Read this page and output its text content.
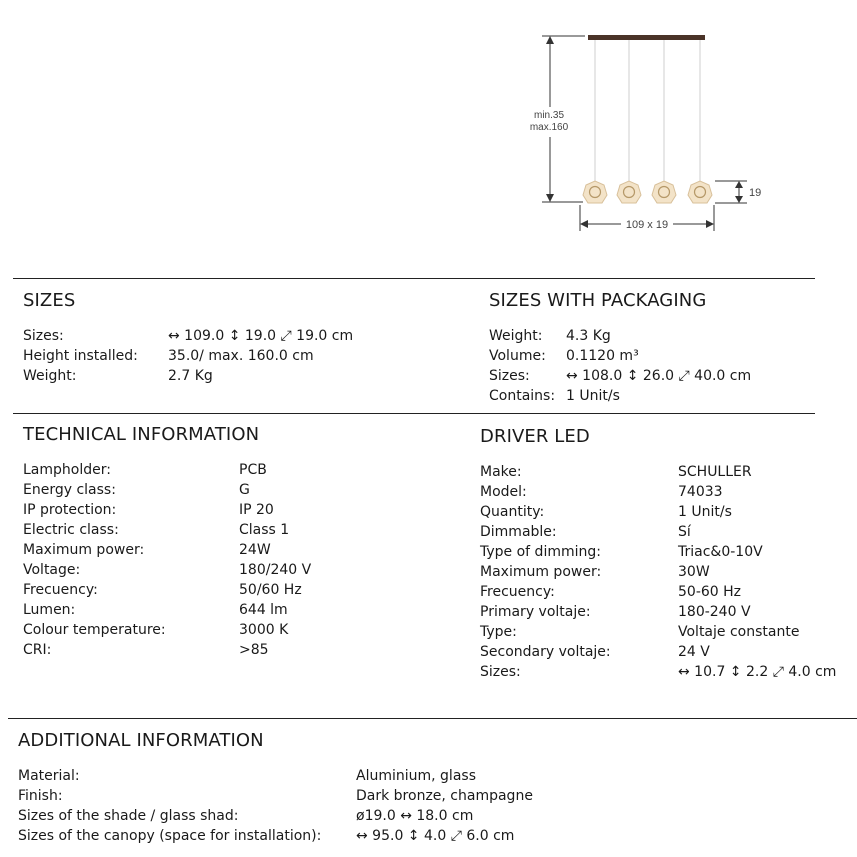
min.35
max.160
19
109 x 19
SIZES
Sizes:	↔ 109.0 ↕ 19.0 ⤢ 19.0 cm
Height installed: 35.0/ max. 160.0 cm
Weight:	2.7 Kg
SIZES WITH PACKAGING
Weight: 4.3 Kg
Volume: 0.1120 m³
Sizes:	↔ 108.0 ↕ 26.0 ⤢ 40.0 cm
Contains: 1 Unit/s
TECHNICAL INFORMATION
Lampholder:	PCB
Energy class:	G
IP protection:	IP 20
Electric class:	Class 1
Maximum power:	24W
Voltage:	180/240 V
Frecuency:	50/60 Hz
Lumen:	644 lm
Colour temperature:	3000 K
CRI:	>85
DRIVER LED
Make:	SCHULLER
Model:	74033
Quantity:	1 Unit/s
Dimmable:	Sí
Type of dimming:	Triac&0-10V
Maximum power:	30W
Frecuency:	50-60 Hz
Primary voltaje:	180-240 V
Type:	Voltaje constante
Secondary voltaje:	24 V
Sizes:	↔ 10.7 ↕ 2.2 ⤢ 4.0 cm
ADDITIONAL INFORMATION
Material:	Aluminium, glass
Finish:	Dark bronze, champagne
Sizes of the shade / glass shad:	ø19.0 ↔ 18.0 cm
Sizes of the canopy (space for installation): ↔ 95.0 ↕ 4.0 ⤢ 6.0 cm
